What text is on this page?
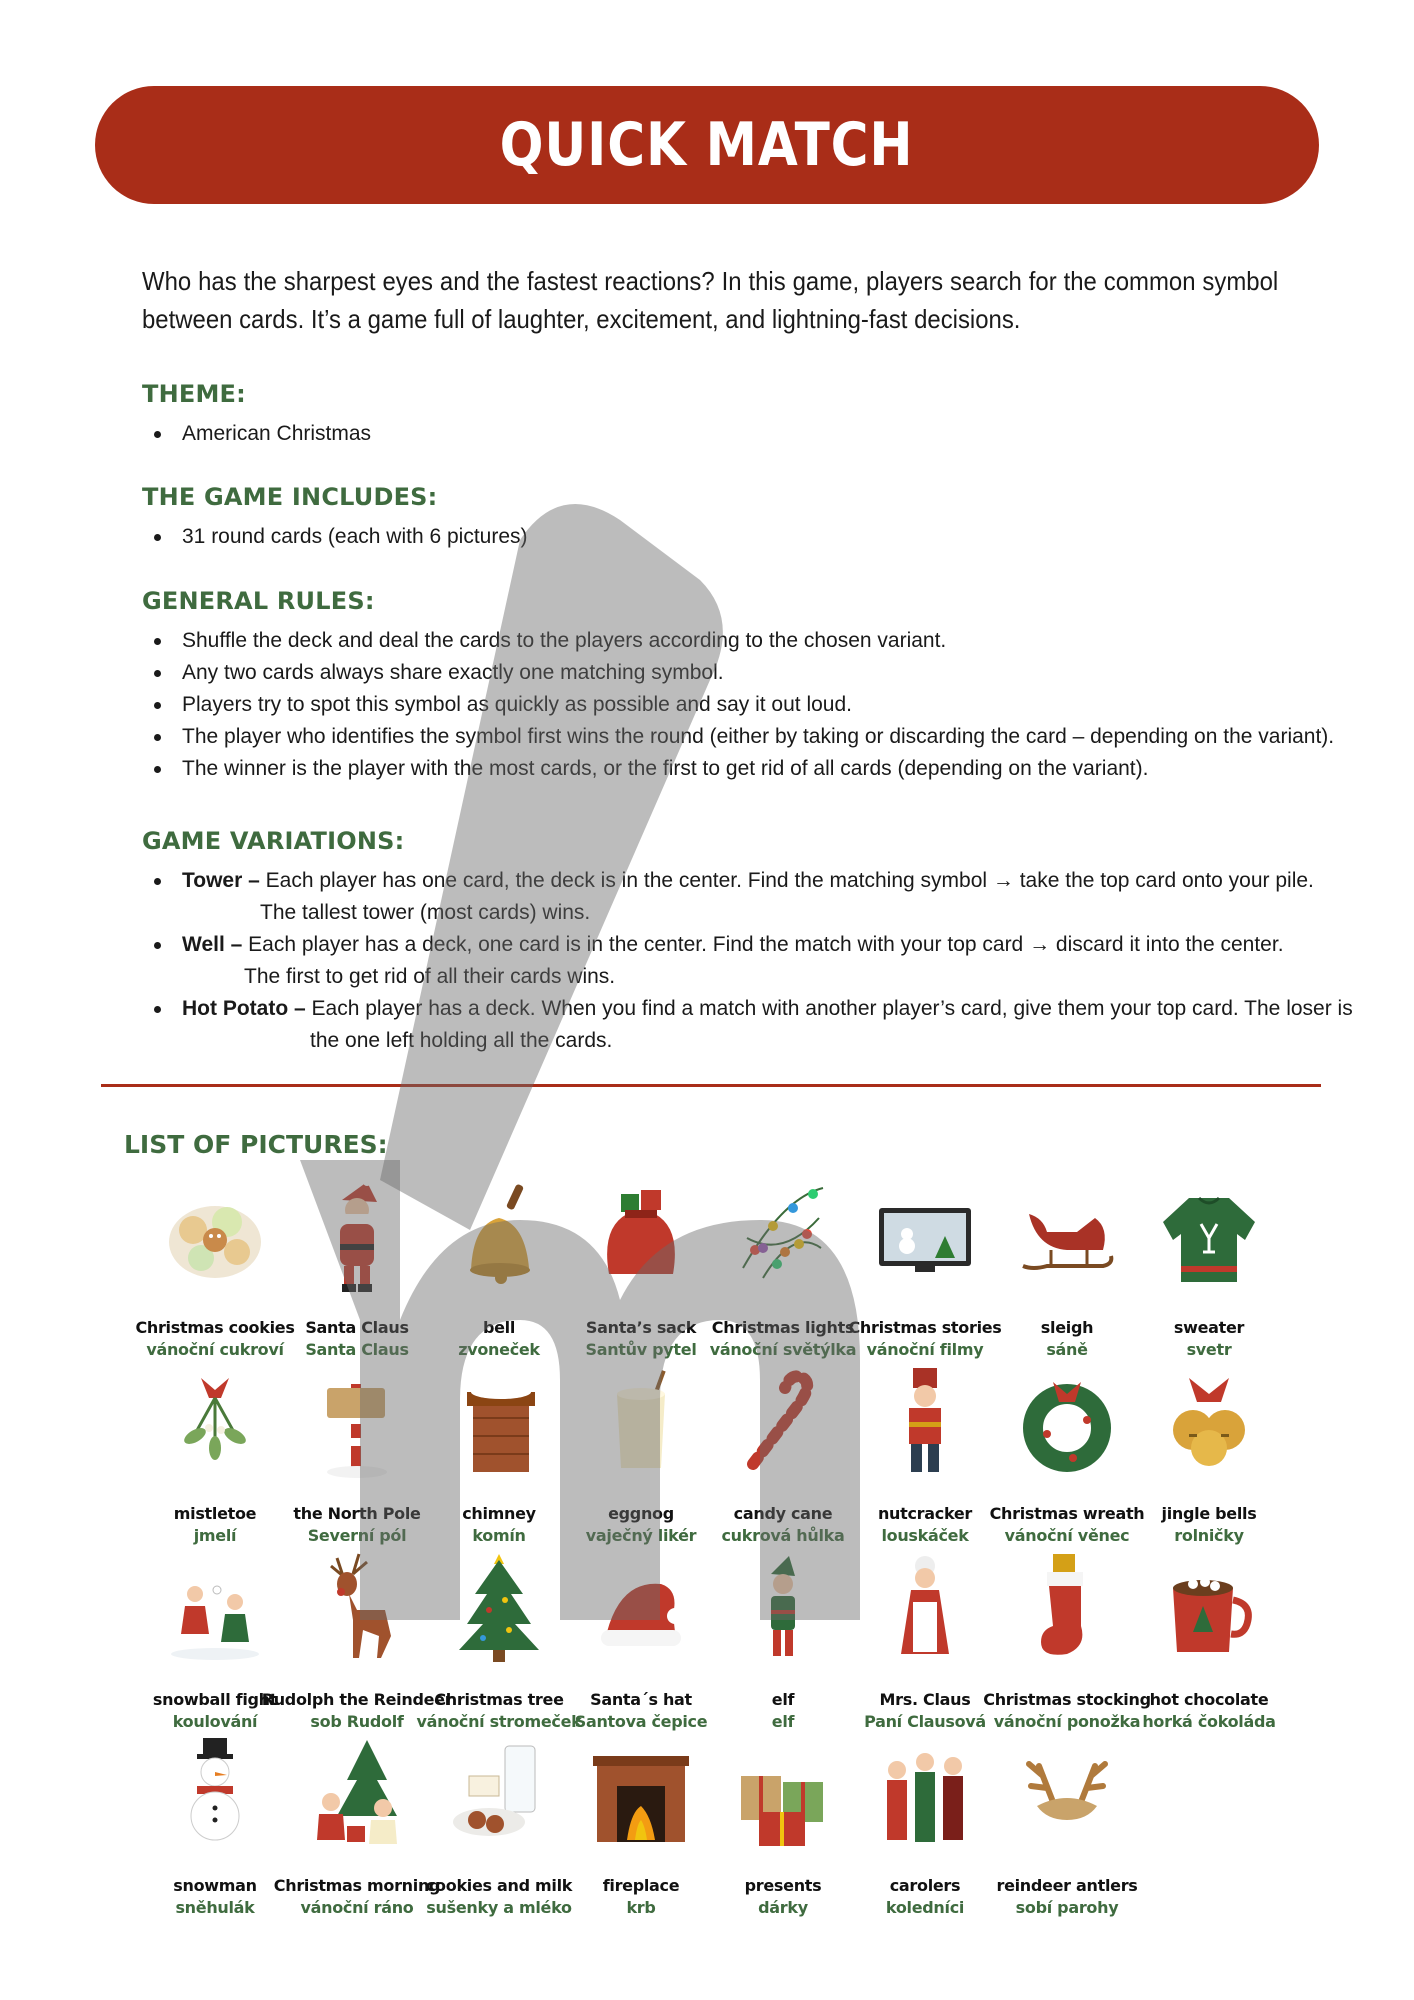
QUICK MATCH

Who has the sharpest eyes and the fastest reactions? In this game, players search for the common symbol between cards. It’s a game full of laughter, excitement, and lightning-fast decisions.

THEME:
American Christmas
THE GAME INCLUDES:
31 round cards (each with 6 pictures)
GENERAL RULES:
Shuffle the deck and deal the cards to the players according to the chosen variant.
Any two cards always share exactly one matching symbol.
Players try to spot this symbol as quickly as possible and say it out loud.
The player who identifies the symbol first wins the round (either by taking or discarding the card – depending on the variant).
The winner is the player with the most cards, or the first to get rid of all cards (depending on the variant).
GAME VARIATIONS:
Tower – Each player has one card, the deck is in the center. Find the matching symbol → take the top card onto your pile.
The tallest tower (most cards) wins.
Well – Each player has a deck, one card is in the center. Find the match with your top card → discard it into the center.
The first to get rid of all their cards wins.
Hot Potato – Each player has a deck. When you find a match with another player’s card, give them your top card. The loser is
the one left holding all the cards.
LIST OF PICTURES:
Christmas cookies
vánoční cukroví
Santa Claus
Santa Claus
bell
zvoneček
Santa’s sack
Santův pytel
Christmas lights
vánoční světýlka
Christmas stories
vánoční filmy
sleigh
sáně
sweater
svetr
mistletoe
jmelí
the North Pole
Severní pól
chimney
komín
eggnog
vaječný likér
candy cane
cukrová hůlka
nutcracker
louskáček
Christmas wreath
vánoční věnec
jingle bells
rolničky
snowball fight
koulování
Rudolph the Reindeer
sob Rudolf
Christmas tree
vánoční stromeček
Santa´s hat
Santova čepice
elf
elf
Mrs. Claus
Paní Clausová
Christmas stocking
vánoční ponožka
hot chocolate
horká čokoláda
snowman
sněhulák
Christmas morning
vánoční ráno
cookies and milk
sušenky a mléko
fireplace
krb
presents
dárky
carolers
koledníci
reindeer antlers
sobí parohy
